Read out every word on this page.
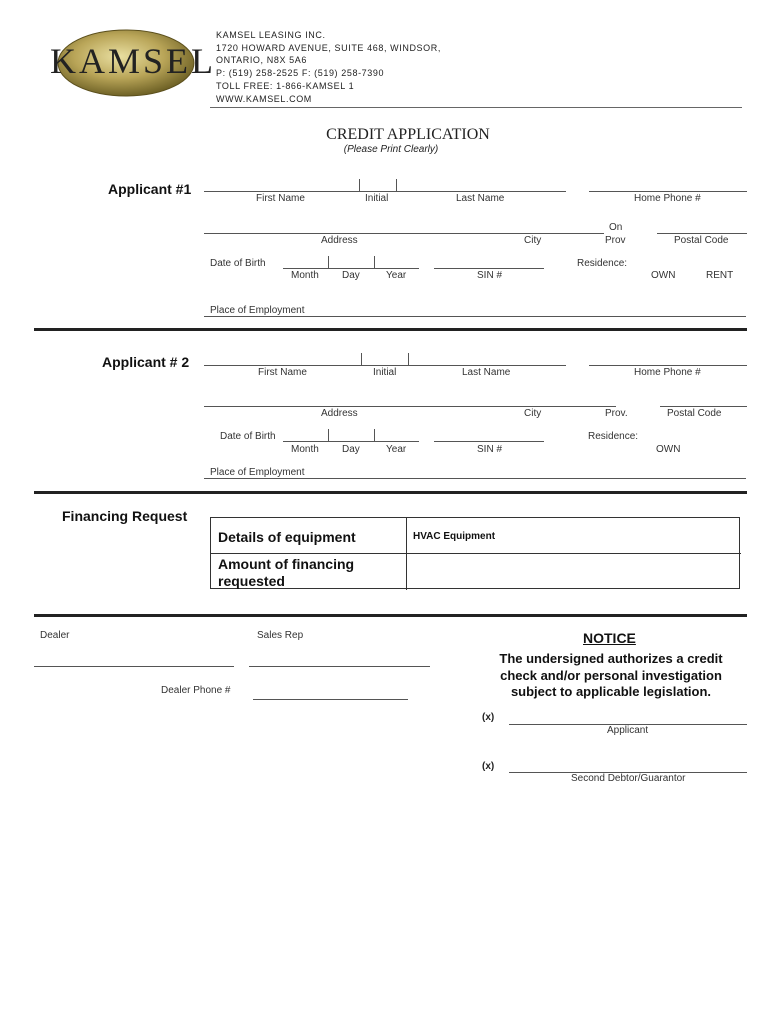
KAMSEL
KAMSEL LEASING INC.
1720 HOWARD AVENUE, SUITE 468, WINDSOR,
ONTARIO, N8X 5A6
P: (519) 258-2525 F: (519) 258-7390
TOLL FREE: 1-866-KAMSEL 1
WWW.KAMSEL.COM
CREDIT APPLICATION
(Please Print Clearly)
Applicant #1
First Name	Initial	Last Name	Home Phone #
On
Address	City	Prov	Postal Code
Date of Birth
Month Day	Year	SIN #
Residence:
OWN	RENT
Place of Employment
Applicant # 2
First Name	Initial	Last Name	Home Phone #
Address	City	Prov.	Postal Code
Date of Birth
Month Day	Year	SIN #
Residence:
OWN
Place of Employment
Financing Request
Details of equipment	HVAC Equipment
Amount of financing
requested
Dealer	Sales Rep
Dealer Phone #
NOTICE
The undersigned authorizes a credit
check and/or personal investigation
subject to applicable legislation.
(x)
Applicant
(x)
Second Debtor/Guarantor
